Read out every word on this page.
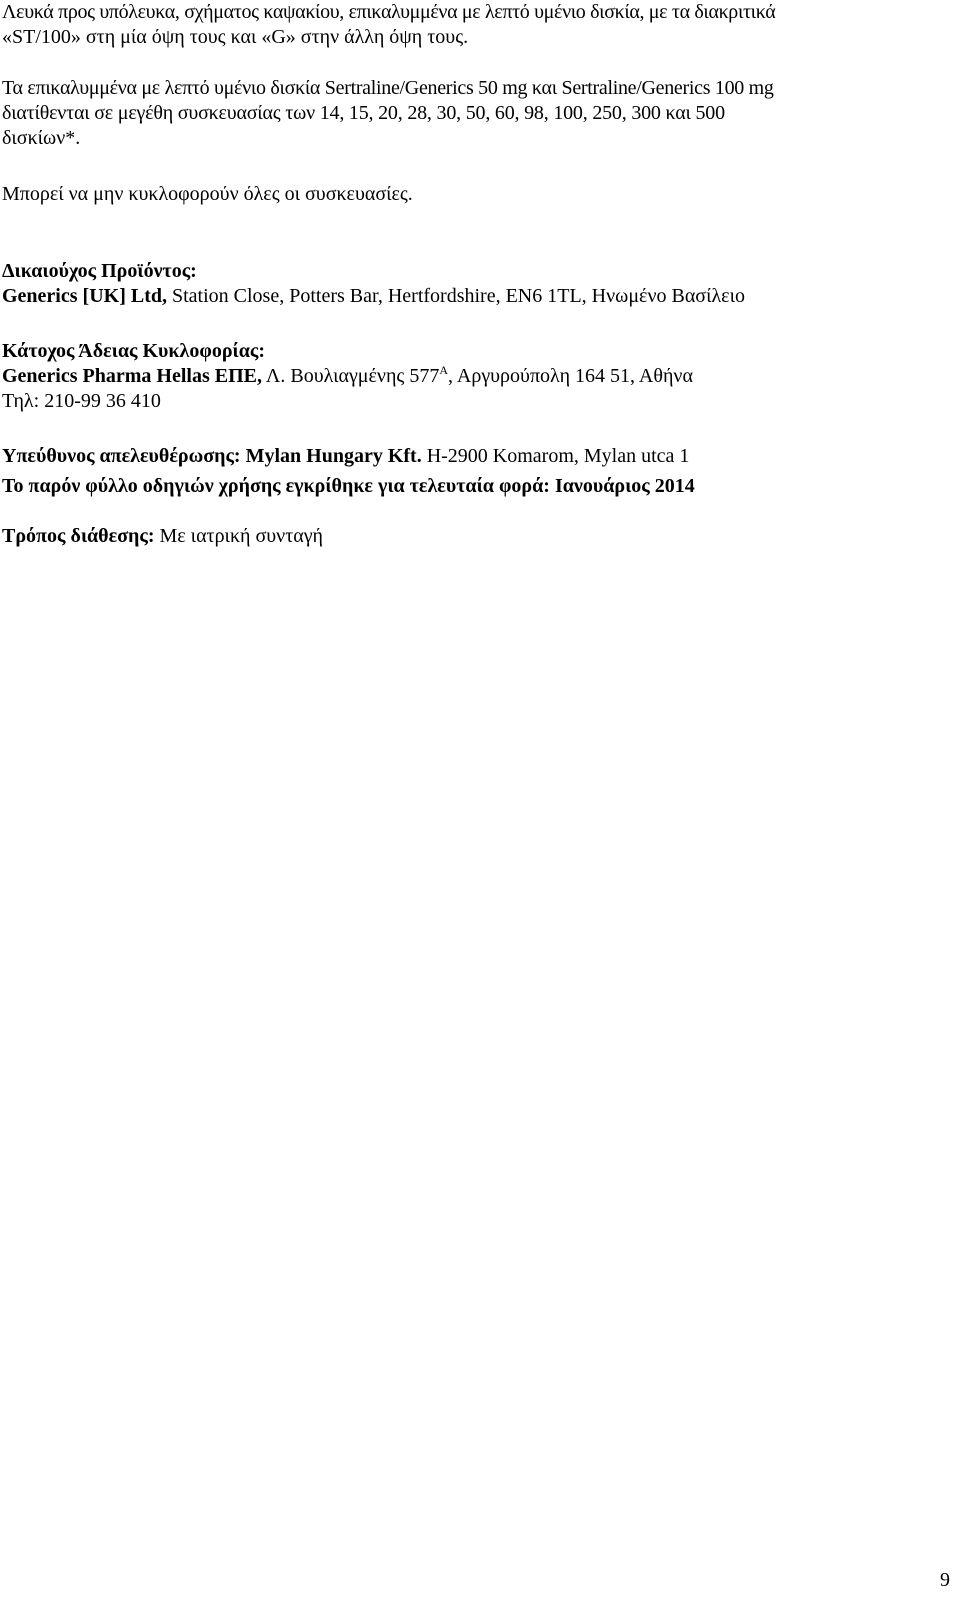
Λευκά προς υπόλευκα, σχήματος καψακίου, επικαλυμμένα με λεπτό υμένιο δισκία, με τα διακριτικά
«ST/100» στη μία όψη τους και «G» στην άλλη όψη τους.

Τα επικαλυμμένα με λεπτό υμένιο δισκία Sertraline/Generics 50 mg και Sertraline/Generics 100 mg
διατίθενται σε μεγέθη συσκευασίας των 14, 15, 20, 28, 30, 50, 60, 98, 100, 250, 300 και 500
δισκίων*.

Μπορεί να μην κυκλοφορούν όλες οι συσκευασίες.

Δικαιούχος Προϊόντος:
Generics [UK] Ltd, Station Close, Potters Bar, Hertfordshire, EN6 1TL, Ηνωμένο Βασίλειο
Κάτοχος Άδειας Κυκλοφορίας:
Generics Pharma Hellas ΕΠΕ, Λ. Βουλιαγμένης $577^A$, Αργυρούπολη 164 51, Αθήνα
Τηλ: 210-99 36 410
Υπεύθυνος απελευθέρωσης: Mylan Hungary Kft. H-2900 Komarom, Mylan utca 1
Το παρόν φύλλο οδηγιών χρήσης εγκρίθηκε για τελευταία φορά: Ιανουάριος 2014
Τρόπος διάθεσης: Με ιατρική συνταγή
9
